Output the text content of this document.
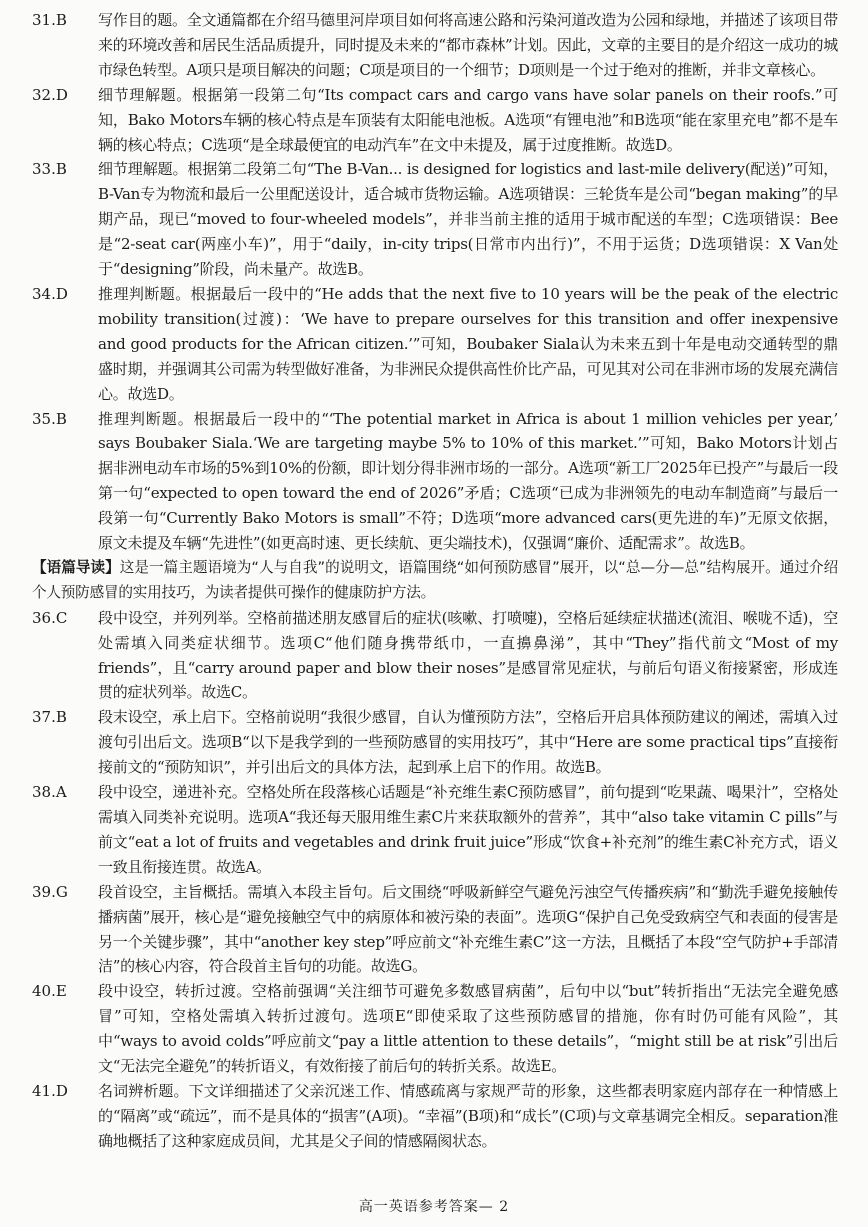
31.B	写作目的题。全文通篇都在介绍马德里河岸项目如何将高速公路和污染河道改造为公园和绿地，并描述了该项目带来的环境改善和居民生活品质提升，同时提及未来的“都市森林”计划。因此，文章的主要目的是介绍这一成功的城市绿色转型。A项只是项目解决的问题；C项是项目的一个细节；D项则是一个过于绝对的推断，并非文章核心。
32.D	细节理解题。根据第一段第二句“Its compact cars and cargo vans have solar panels on their roofs.”可知，Bako Motors车辆的核心特点是车顶装有太阳能电池板。A选项“有锂电池”和B选项“能在家里充电”都不是车辆的核心特点；C选项“是全球最便宜的电动汽车”在文中未提及，属于过度推断。故选D。
33.B	细节理解题。根据第二段第二句“The B-Van... is designed for logistics and last-mile delivery(配送)”可知，B-Van专为物流和最后一公里配送设计，适合城市货物运输。A选项错误：三轮货车是公司“began making”的早期产品，现已“moved to four-wheeled models”，并非当前主推的适用于城市配送的车型；C选项错误：Bee是“2-seat car(两座小车)”，用于“daily，in-city trips(日常市内出行)”，不用于运货；D选项错误：X Van处于“designing”阶段，尚未量产。故选B。
34.D	推理判断题。根据最后一段中的“He adds that the next five to 10 years will be the peak of the electric mobility transition(过渡)：‘We have to prepare ourselves for this transition and offer inexpensive and good products for the African citizen.’”可知，Boubaker Siala认为未来五到十年是电动交通转型的鼎盛时期，并强调其公司需为转型做好准备，为非洲民众提供高性价比产品，可见其对公司在非洲市场的发展充满信心。故选D。
35.B	推理判断题。根据最后一段中的“‘The potential market in Africa is about 1 million vehicles per year,’ says Boubaker Siala.‘We are targeting maybe 5% to 10% of this market.’”可知，Bako Motors计划占据非洲电动车市场的5%到10%的份额，即计划分得非洲市场的一部分。A选项“新工厂2025年已投产”与最后一段第一句“expected to open toward the end of 2026”矛盾；C选项“已成为非洲领先的电动车制造商”与最后一段第一句“Currently Bako Motors is small”不符；D选项“more advanced cars(更先进的车)”无原文依据，原文未提及车辆“先进性”(如更高时速、更长续航、更尖端技术)，仅强调“廉价、适配需求”。故选B。
【语篇导读】这是一篇主题语境为“人与自我”的说明文，语篇围绕“如何预防感冒”展开，以“总—分—总”结构展开。通过介绍个人预防感冒的实用技巧，为读者提供可操作的健康防护方法。
36.C	段中设空，并列列举。空格前描述朋友感冒后的症状(咳嗽、打喷嚏)，空格后延续症状描述(流泪、喉咙不适)，空处需填入同类症状细节。选项C“他们随身携带纸巾，一直擤鼻涕”，其中“They”指代前文“Most of my friends”，且“carry around paper and blow their noses”是感冒常见症状，与前后句语义衔接紧密，形成连贯的症状列举。故选C。
37.B	段末设空，承上启下。空格前说明“我很少感冒，自认为懂预防方法”，空格后开启具体预防建议的阐述，需填入过渡句引出后文。选项B“以下是我学到的一些预防感冒的实用技巧”，其中“Here are some practical tips”直接衔接前文的“预防知识”，并引出后文的具体方法，起到承上启下的作用。故选B。
38.A	段中设空，递进补充。空格处所在段落核心话题是“补充维生素C预防感冒”，前句提到“吃果蔬、喝果汁”，空格处需填入同类补充说明。选项A“我还每天服用维生素C片来获取额外的营养”，其中“also take vitamin C pills”与前文“eat a lot of fruits and vegetables and drink fruit juice”形成“饮食+补充剂”的维生素C补充方式，语义一致且衔接连贯。故选A。
39.G	段首设空，主旨概括。需填入本段主旨句。后文围绕“呼吸新鲜空气避免污浊空气传播疾病”和“勤洗手避免接触传播病菌”展开，核心是“避免接触空气中的病原体和被污染的表面”。选项G“保护自己免受致病空气和表面的侵害是另一个关键步骤”，其中“another key step”呼应前文“补充维生素C”这一方法，且概括了本段“空气防护+手部清洁”的核心内容，符合段首主旨句的功能。故选G。
40.E	段中设空，转折过渡。空格前强调“关注细节可避免多数感冒病菌”，后句中以“but”转折指出“无法完全避免感冒”可知，空格处需填入转折过渡句。选项E“即使采取了这些预防感冒的措施，你有时仍可能有风险”，其中“ways to avoid colds”呼应前文“pay a little attention to these details”，“might still be at risk”引出后文“无法完全避免”的转折语义，有效衔接了前后句的转折关系。故选E。
41.D	名词辨析题。下文详细描述了父亲沉迷工作、情感疏离与家规严苛的形象，这些都表明家庭内部存在一种情感上的“隔离”或“疏远”，而不是具体的“损害”(A项)。“幸福”(B项)和“成长”(C项)与文章基调完全相反。separation准确地概括了这种家庭成员间，尤其是父子间的情感隔阂状态。
高一英语参考答案— 2
